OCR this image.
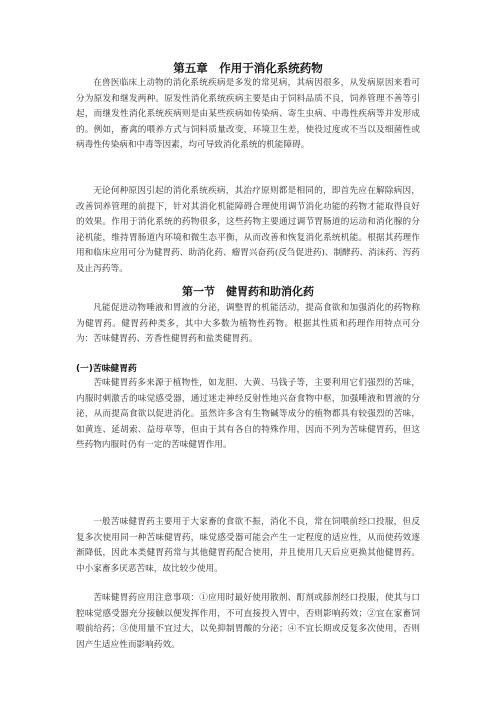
第五章　作用于消化系统药物
在兽医临床上动物的消化系统疾病是多发的常见病，其病因很多，从发病原因来看可分为原发和继发两种。原发性消化系统疾病主要是由于饲料品质不良，饲养管理不善等引起，而继发性消化系统疾病则是由某些疾病如传染病、寄生虫病、中毒性疾病等并发形成的。例如，畜禽的喂养方式与饲料质量改变，环境卫生差，使役过度或不当以及细菌性或病毒性传染病和中毒等因素，均可导致消化系统的机能障碍。
无论何种原因引起的消化系统疾病，其治疗原则都是相同的，即首先应在解除病因，改善饲养管理的前提下，针对其消化机能障碍合理使用调节消化功能的药物才能取得良好的效果。作用于消化系统的药物很多，这些药物主要通过调节胃肠道的运动和消化腺的分泌机能，维持胃肠道内环境和微生态平衡，从而改善和恢复消化系统机能。根据其药理作用和临床应用可分为健胃药、助消化药、瘤胃兴奋药(反刍促进药)、制酵药、消沫药、泻药及止泻药等。
第一节　健胃药和助消化药
凡能促进动物唾液和胃液的分泌，调整胃的机能活动，提高食欲和加强消化的药物称为健胃药。健胃药种类多，其中大多数为植物性药物。根据其性质和药理作用特点可分为：苦味健胃药、芳香性健胃药和盐类健胃药。
(一)苦味健胃药
苦味健胃药多来源于植物性，如龙胆、大黄、马钱子等，主要利用它们强烈的苦味，内服时刺激舌的味觉感受器，通过迷走神经反射性地兴奋食物中枢，加强唾液和胃液的分泌，从而提高食欲以促进消化。虽然许多含有生物碱等成分的植物都具有较强烈的苦味，如黄连、延胡索、益母草等，但由于其有各自的特殊作用，因而不列为苦味健胃药，但这些药物内服时仍有一定的苦味健胃作用。
一般苦味健胃药主要用于大家畜的食欲不振，消化不良，常在饲喂前经口投服，但反复多次使用同一种苦味健胃药，味觉感受器可能会产生一定程度的适应性，从而使药效逐渐降低，因此本类健胃药常与其他健胃药配合使用，并且使用几天后应更换其他健胃药。中小家畜多厌恶苦味，故比较少使用。
苦味健胃药应用注意事项：①应用时最好使用散剂、酊剂或舔剂经口投服，使其与口腔味觉感受器充分接触以便发挥作用，不可直接投入胃中，否则影响药效；②宜在家畜饲喂前给药；③使用量不宜过大，以免抑制胃酸的分泌；④不宜长期或反复多次使用，否则因产生适应性而影响药效。
